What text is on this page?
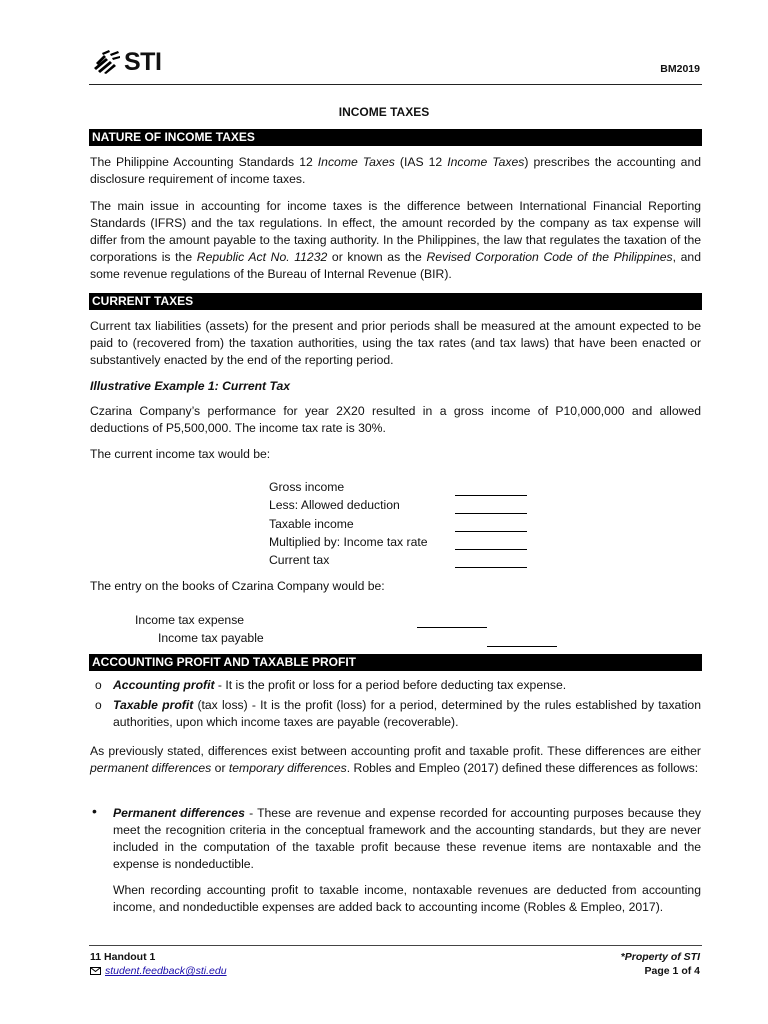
STI	BM2019
INCOME TAXES
NATURE OF INCOME TAXES

The Philippine Accounting Standards 12 Income Taxes (IAS 12 Income Taxes) prescribes the accounting and disclosure requirement of income taxes.

The main issue in accounting for income taxes is the difference between International Financial Reporting Standards (IFRS) and the tax regulations. In effect, the amount recorded by the company as tax expense will differ from the amount payable to the taxing authority. In the Philippines, the law that regulates the taxation of the corporations is the Republic Act No. 11232 or known as the Revised Corporation Code of the Philippines, and some revenue regulations of the Bureau of Internal Revenue (BIR).

CURRENT TAXES

Current tax liabilities (assets) for the present and prior periods shall be measured at the amount expected to be paid to (recovered from) the taxation authorities, using the tax rates (and tax laws) that have been enacted or substantively enacted by the end of the reporting period.

Illustrative Example 1: Current Tax

Czarina Company’s performance for year 2X20 resulted in a gross income of P10,000,000 and allowed deductions of P5,500,000. The income tax rate is 30%.

The current income tax would be:

Gross income
Less: Allowed deduction
Taxable income
Multiplied by: Income tax rate
Current tax

The entry on the books of Czarina Company would be:

Income tax expense
Income tax payable
ACCOUNTING PROFIT AND TAXABLE PROFIT
o Accounting profit - It is the profit or loss for a period before deducting tax expense.

o Taxable profit (tax loss) - It is the profit (loss) for a period, determined by the rules established by taxation authorities, upon which income taxes are payable (recoverable).

As previously stated, differences exist between accounting profit and taxable profit. These differences are either permanent differences or temporary differences. Robles and Empleo (2017) defined these differences as follows:

• Permanent differences - These are revenue and expense recorded for accounting purposes because they meet the recognition criteria in the conceptual framework and the accounting standards, but they are never included in the computation of the taxable profit because these revenue items are nontaxable and the expense is nondeductible.

When recording accounting profit to taxable income, nontaxable revenues are deducted from accounting income, and nondeductible expenses are added back to accounting income (Robles & Empleo, 2017).

11 Handout 1
student.feedback@sti.edu
*Property of STI
Page 1 of 4
